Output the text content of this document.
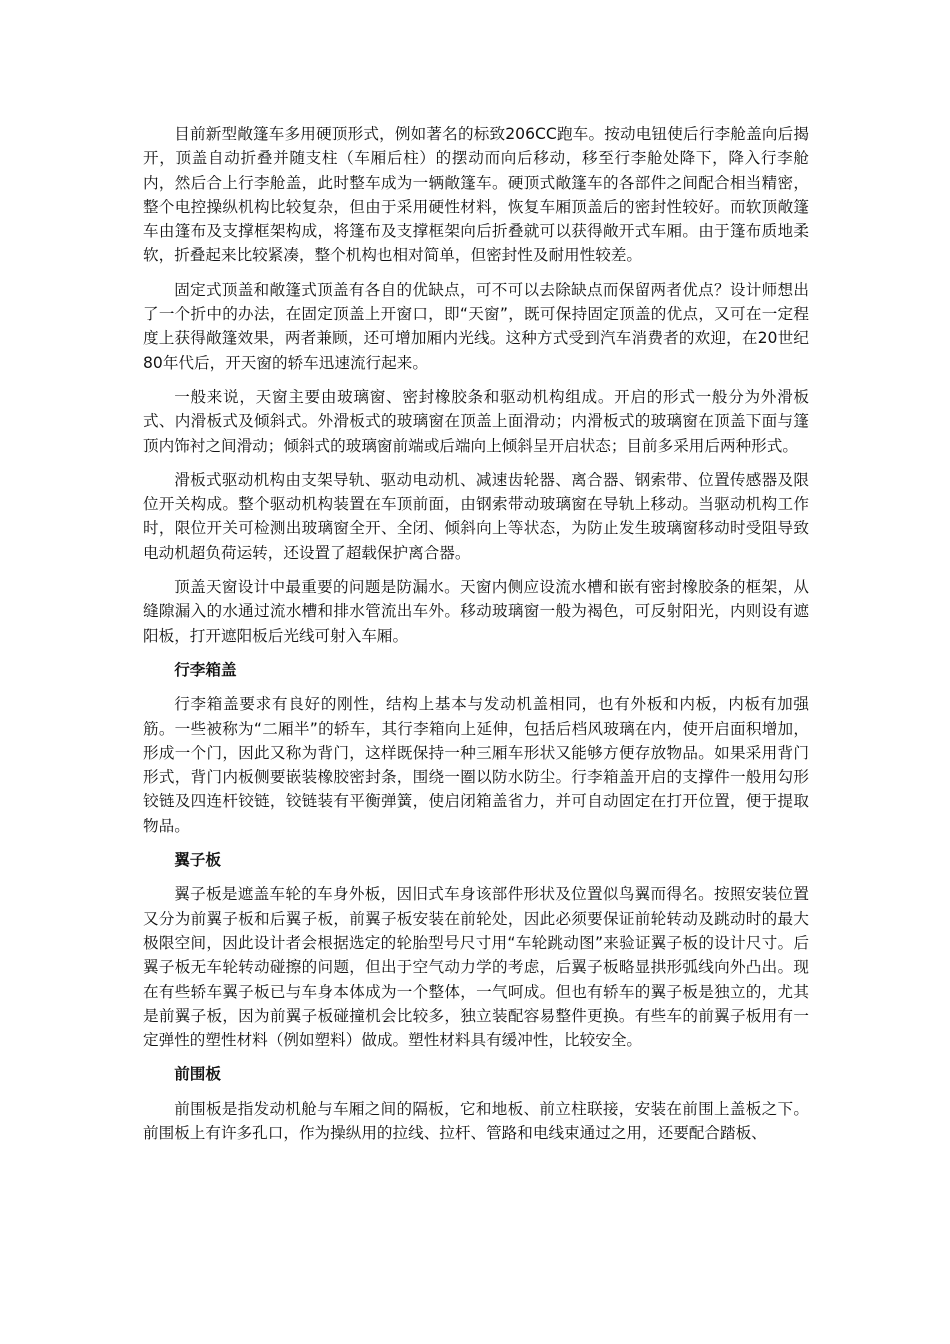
目前新型敞篷车多用硬顶形式，例如著名的标致206CC跑车。按动电钮使后行李舱盖向后揭开，顶盖自动折叠并随支柱（车厢后柱）的摆动而向后移动，移至行李舱处降下，降入行李舱内，然后合上行李舱盖，此时整车成为一辆敞篷车。硬顶式敞篷车的各部件之间配合相当精密，整个电控操纵机构比较复杂，但由于采用硬性材料，恢复车厢顶盖后的密封性较好。而软顶敞篷车由篷布及支撑框架构成，将篷布及支撑框架向后折叠就可以获得敞开式车厢。由于篷布质地柔软，折叠起来比较紧凑，整个机构也相对简单，但密封性及耐用性较差。

固定式顶盖和敞篷式顶盖有各自的优缺点，可不可以去除缺点而保留两者优点？设计师想出了一个折中的办法，在固定顶盖上开窗口，即“天窗”，既可保持固定顶盖的优点，又可在一定程度上获得敞篷效果，两者兼顾，还可增加厢内光线。这种方式受到汽车消费者的欢迎，在20世纪80年代后，开天窗的轿车迅速流行起来。

一般来说，天窗主要由玻璃窗、密封橡胶条和驱动机构组成。开启的形式一般分为外滑板式、内滑板式及倾斜式。外滑板式的玻璃窗在顶盖上面滑动；内滑板式的玻璃窗在顶盖下面与篷顶内饰衬之间滑动；倾斜式的玻璃窗前端或后端向上倾斜呈开启状态；目前多采用后两种形式。

滑板式驱动机构由支架导轨、驱动电动机、减速齿轮器、离合器、钢索带、位置传感器及限位开关构成。整个驱动机构装置在车顶前面，由钢索带动玻璃窗在导轨上移动。当驱动机构工作时，限位开关可检测出玻璃窗全开、全闭、倾斜向上等状态，为防止发生玻璃窗移动时受阻导致电动机超负荷运转，还设置了超载保护离合器。

顶盖天窗设计中最重要的问题是防漏水。天窗内侧应设流水槽和嵌有密封橡胶条的框架，从缝隙漏入的水通过流水槽和排水管流出车外。移动玻璃窗一般为褐色，可反射阳光，内则设有遮阳板，打开遮阳板后光线可射入车厢。

行李箱盖

行李箱盖要求有良好的刚性，结构上基本与发动机盖相同，也有外板和内板，内板有加强筋。一些被称为“二厢半”的轿车，其行李箱向上延伸，包括后档风玻璃在内，使开启面积增加，形成一个门，因此又称为背门，这样既保持一种三厢车形状又能够方便存放物品。如果采用背门形式，背门内板侧要嵌装橡胶密封条，围绕一圈以防水防尘。行李箱盖开启的支撑件一般用勾形铰链及四连杆铰链，铰链装有平衡弹簧，使启闭箱盖省力，并可自动固定在打开位置，便于提取物品。

翼子板

翼子板是遮盖车轮的车身外板，因旧式车身该部件形状及位置似鸟翼而得名。按照安装位置又分为前翼子板和后翼子板，前翼子板安装在前轮处，因此必须要保证前轮转动及跳动时的最大极限空间，因此设计者会根据选定的轮胎型号尺寸用“车轮跳动图”来验证翼子板的设计尺寸。后翼子板无车轮转动碰擦的问题，但出于空气动力学的考虑，后翼子板略显拱形弧线向外凸出。现在有些轿车翼子板已与车身本体成为一个整体，一气呵成。但也有轿车的翼子板是独立的，尤其是前翼子板，因为前翼子板碰撞机会比较多，独立装配容易整件更换。有些车的前翼子板用有一定弹性的塑性材料（例如塑料）做成。塑性材料具有缓冲性，比较安全。

前围板

前围板是指发动机舱与车厢之间的隔板，它和地板、前立柱联接，安装在前围上盖板之下。前围板上有许多孔口，作为操纵用的拉线、拉杆、管路和电线束通过之用，还要配合踏板、
